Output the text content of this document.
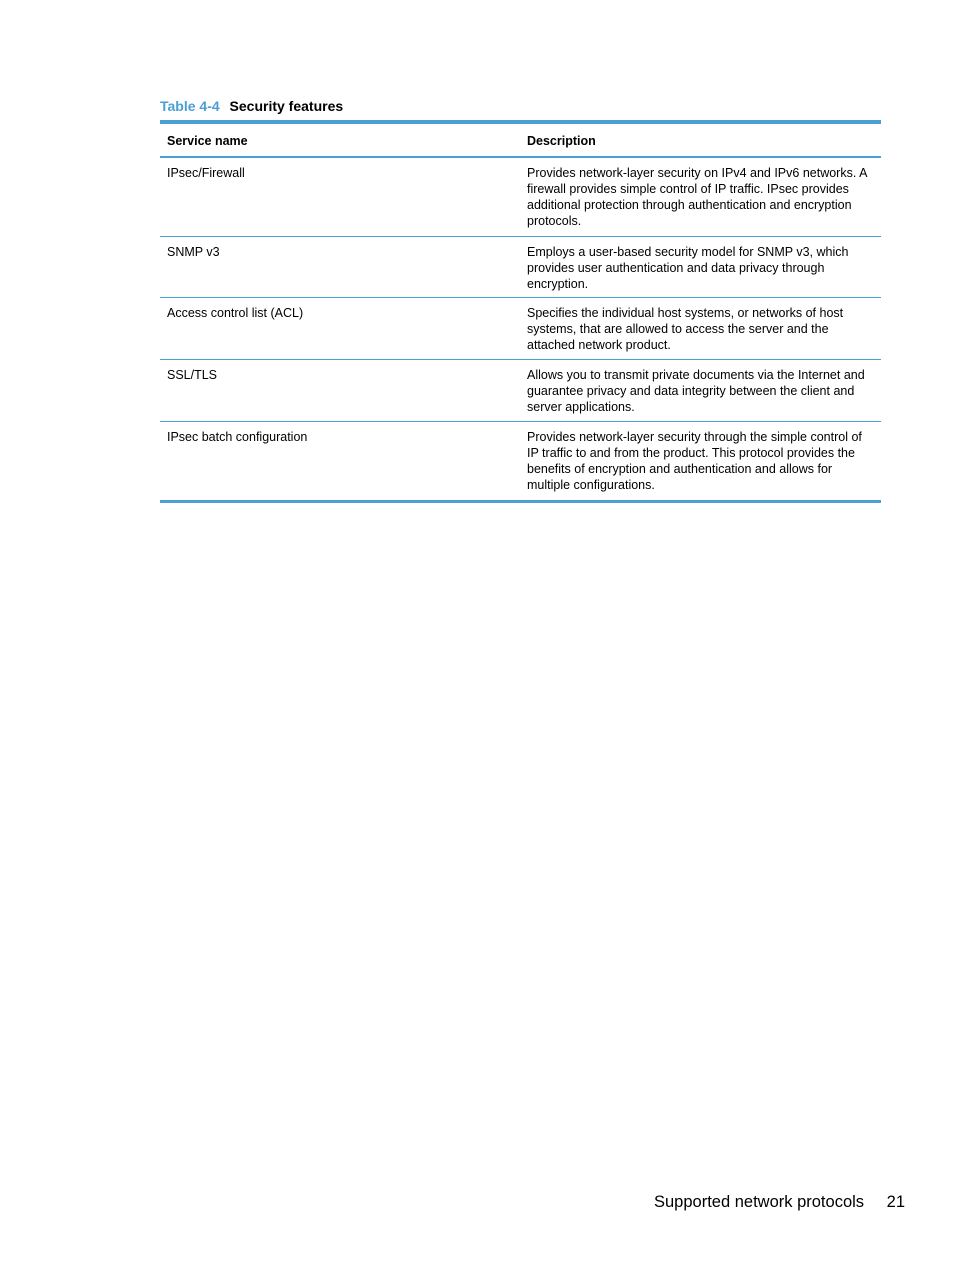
Table 4-4 Security features
Service name	Description
IPsec/Firewall	Provides network-layer security on IPv4 and IPv6 networks. A firewall provides simple control of IP traffic. IPsec provides additional protection through authentication and encryption protocols.
SNMP v3	Employs a user-based security model for SNMP v3, which provides user authentication and data privacy through encryption.
Access control list (ACL)	Specifies the individual host systems, or networks of host systems, that are allowed to access the server and the attached network product.
SSL/TLS	Allows you to transmit private documents via the Internet and guarantee privacy and data integrity between the client and server applications.
IPsec batch configuration	Provides network-layer security through the simple control of IP traffic to and from the product. This protocol provides the benefits of encryption and authentication and allows for multiple configurations.
Supported network protocols 21
